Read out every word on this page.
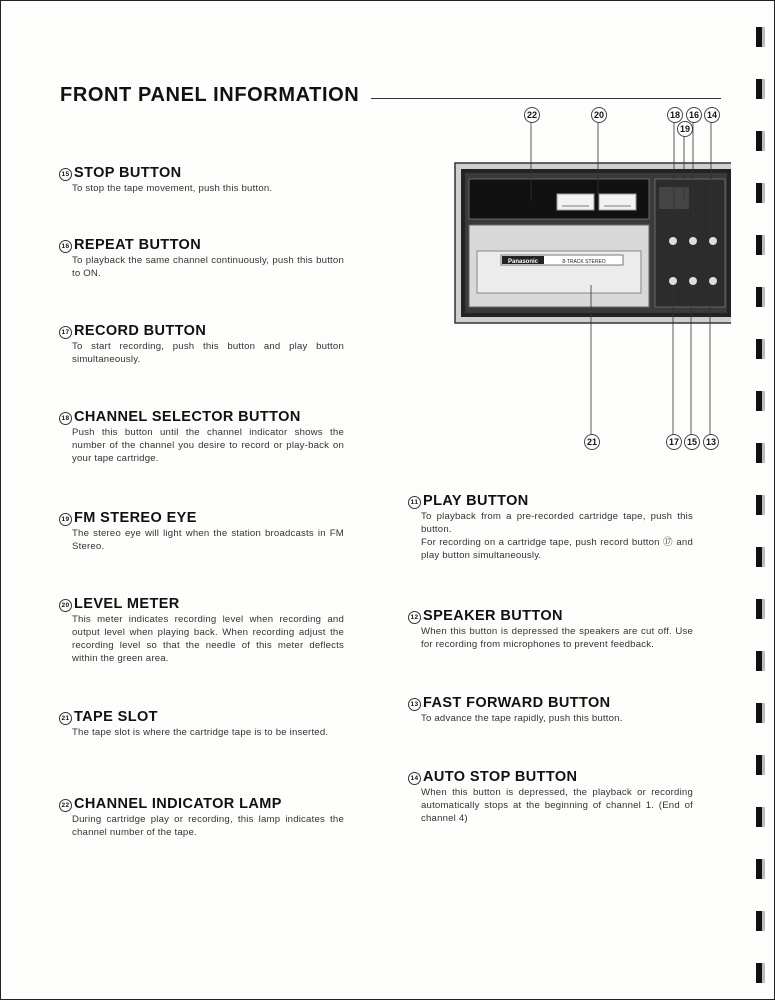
FRONT PANEL INFORMATION
15 STOP BUTTON
To stop the tape movement, push this button.
16 REPEAT BUTTON
To playback the same channel continuously, push this button to ON.
17 RECORD BUTTON
To start recording, push this button and play button simultaneously.
18 CHANNEL SELECTOR BUTTON
Push this button until the channel indicator shows the number of the channel you desire to record or play-back on your tape cartridge.
19 FM STEREO EYE
The stereo eye will light when the station broadcasts in FM Stereo.
20 LEVEL METER
This meter indicates recording level when recording and output level when playing back. When recording adjust the recording level so that the needle of this meter deflects within the green area.
21 TAPE SLOT
The tape slot is where the cartridge tape is to be inserted.
22 CHANNEL INDICATOR LAMP
During cartridge play or recording, this lamp indicates the channel number of the tape.
11 PLAY BUTTON

To playback from a pre-recorded cartridge tape, push this button.

For recording on a cartridge tape, push record button ⑰ and play button simultaneously.

12 SPEAKER BUTTON
When this button is depressed the speakers are cut off. Use for recording from microphones to prevent feedback.
13 FAST FORWARD BUTTON
To advance the tape rapidly, push this button.
14 AUTO STOP BUTTON
When this button is depressed, the playback or recording automatically stops at the beginning of channel 1. (End of channel 4)
Panasonic	8-TRACK STEREO
22	20	18 16 14
19
21	17 15 13
